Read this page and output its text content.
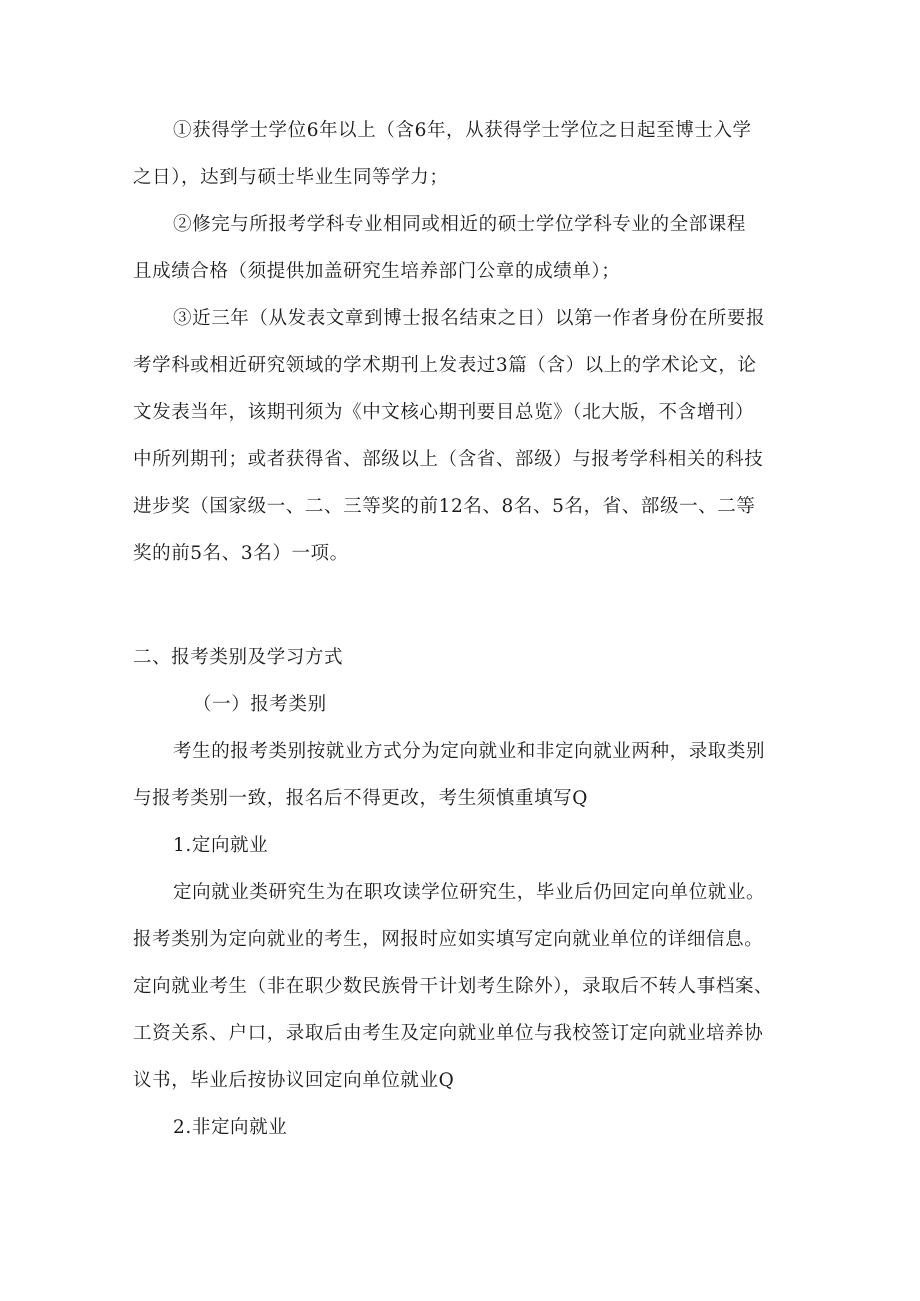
①获得学士学位6年以上（含6年，从获得学士学位之日起至博士入学
之日），达到与硕士毕业生同等学力；
②修完与所报考学科专业相同或相近的硕士学位学科专业的全部课程
且成绩合格（须提供加盖研究生培养部门公章的成绩单）；
③近三年（从发表文章到博士报名结束之日）以第一作者身份在所要报
考学科或相近研究领域的学术期刊上发表过3篇（含）以上的学术论文，论
文发表当年，该期刊须为《中文核心期刊要目总览》（北大版，不含增刊）
中所列期刊；或者获得省、部级以上（含省、部级）与报考学科相关的科技
进步奖（国家级一、二、三等奖的前12名、8名、5名，省、部级一、二等
奖的前5名、3名）一项。
二、报考类别及学习方式
（一）报考类别
考生的报考类别按就业方式分为定向就业和非定向就业两种，录取类别
与报考类别一致，报名后不得更改，考生须慎重填写Q
1.定向就业
定向就业类研究生为在职攻读学位研究生，毕业后仍回定向单位就业。
报考类别为定向就业的考生，网报时应如实填写定向就业单位的详细信息。
定向就业考生（非在职少数民族骨干计划考生除外），录取后不转人事档案、
工资关系、户口，录取后由考生及定向就业单位与我校签订定向就业培养协
议书，毕业后按协议回定向单位就业Q
2.非定向就业
